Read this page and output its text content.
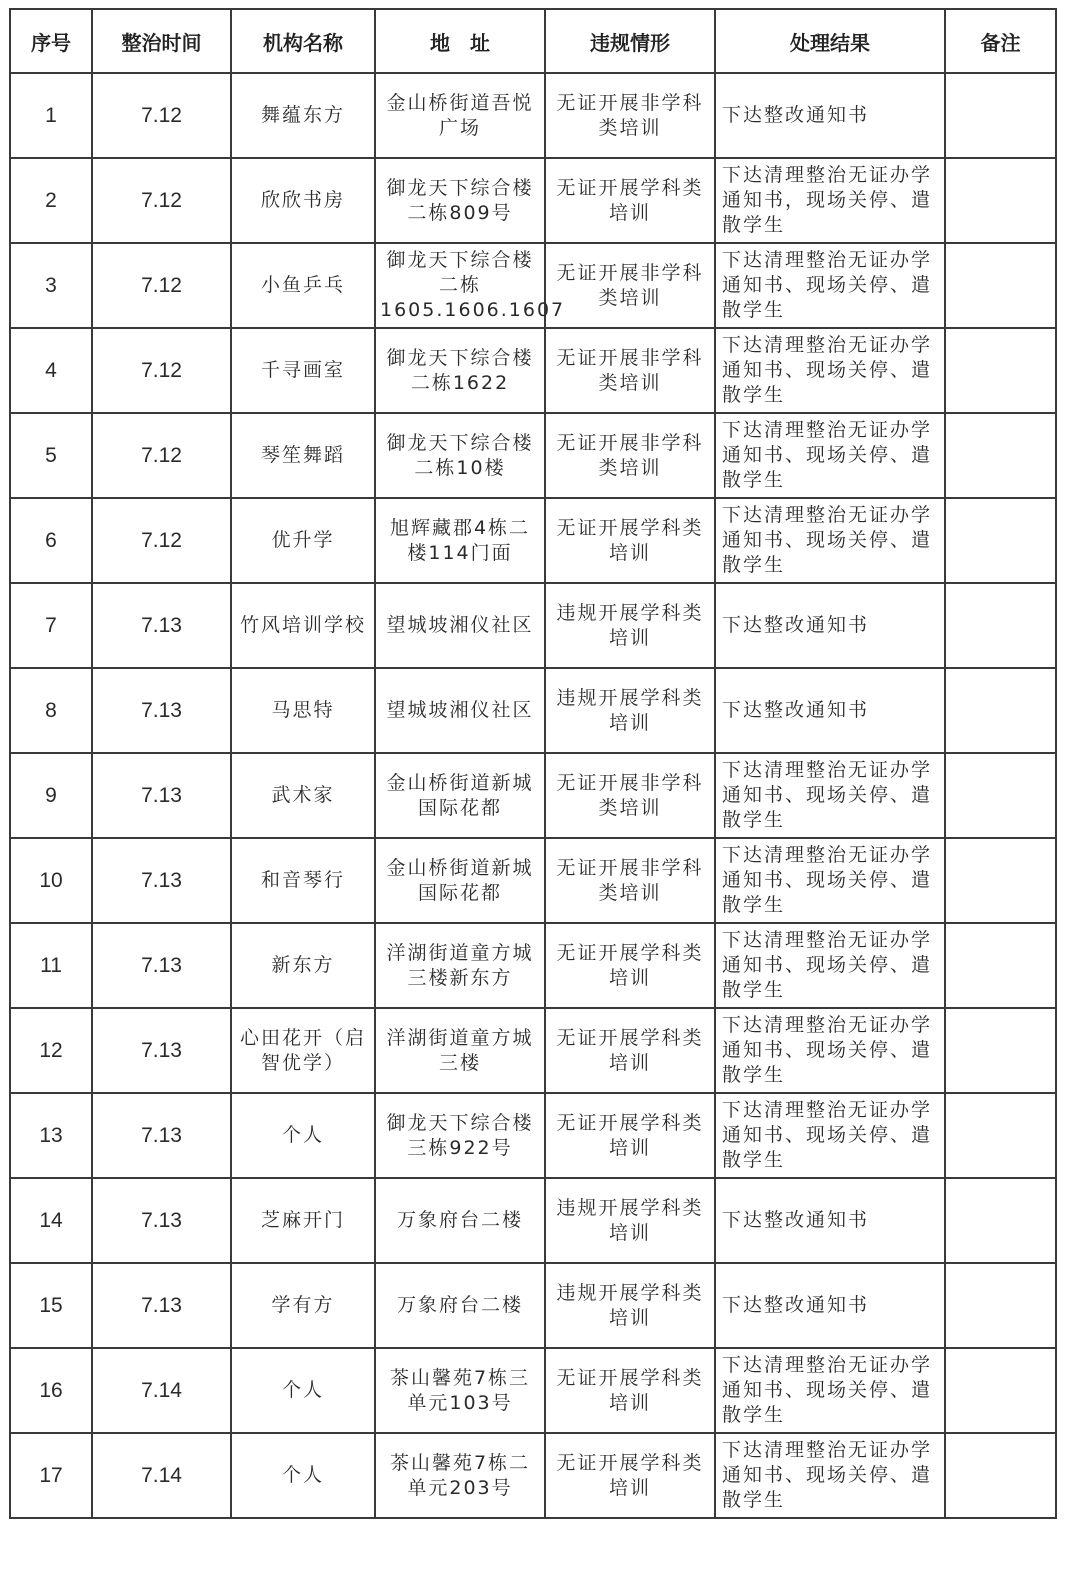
序号	整治时间	机构名称	地　址	违规情形	处理结果	备注
1	7.12	舞蕴东方	金山桥街道吾悦广场	无证开展非学科类培训	下达整改通知书	
2	7.12	欣欣书房	御龙天下综合楼二栋809号	无证开展学科类培训	下达清理整治无证办学通知书，现场关停、遣散学生	
3	7.12	小鱼乒乓	御龙天下综合楼二栋1605.1606.1607	无证开展非学科类培训	下达清理整治无证办学通知书、现场关停、遣散学生	
4	7.12	千寻画室	御龙天下综合楼二栋1622	无证开展非学科类培训	下达清理整治无证办学通知书、现场关停、遣散学生	
5	7.12	琴笙舞蹈	御龙天下综合楼二栋10楼	无证开展非学科类培训	下达清理整治无证办学通知书、现场关停、遣散学生	
6	7.12	优升学	旭辉藏郡4栋二楼114门面	无证开展学科类培训	下达清理整治无证办学通知书、现场关停、遣散学生	
7	7.13	竹风培训学校	望城坡湘仪社区	违规开展学科类培训	下达整改通知书	
8	7.13	马思特	望城坡湘仪社区	违规开展学科类培训	下达整改通知书	
9	7.13	武术家	金山桥街道新城国际花都	无证开展非学科类培训	下达清理整治无证办学通知书、现场关停、遣散学生	
10	7.13	和音琴行	金山桥街道新城国际花都	无证开展非学科类培训	下达清理整治无证办学通知书、现场关停、遣散学生	
11	7.13	新东方	洋湖街道童方城三楼新东方	无证开展学科类培训	下达清理整治无证办学通知书、现场关停、遣散学生	
12	7.13	心田花开（启智优学）	洋湖街道童方城三楼	无证开展学科类培训	下达清理整治无证办学通知书、现场关停、遣散学生	
13	7.13	个人	御龙天下综合楼三栋922号	无证开展学科类培训	下达清理整治无证办学通知书、现场关停、遣散学生	
14	7.13	芝麻开门	万象府台二楼	违规开展学科类培训	下达整改通知书	
15	7.13	学有方	万象府台二楼	违规开展学科类培训	下达整改通知书	
16	7.14	个人	茶山馨苑7栋三单元103号	无证开展学科类培训	下达清理整治无证办学通知书、现场关停、遣散学生	
17	7.14	个人	茶山馨苑7栋二单元203号	无证开展学科类培训	下达清理整治无证办学通知书、现场关停、遣散学生	
